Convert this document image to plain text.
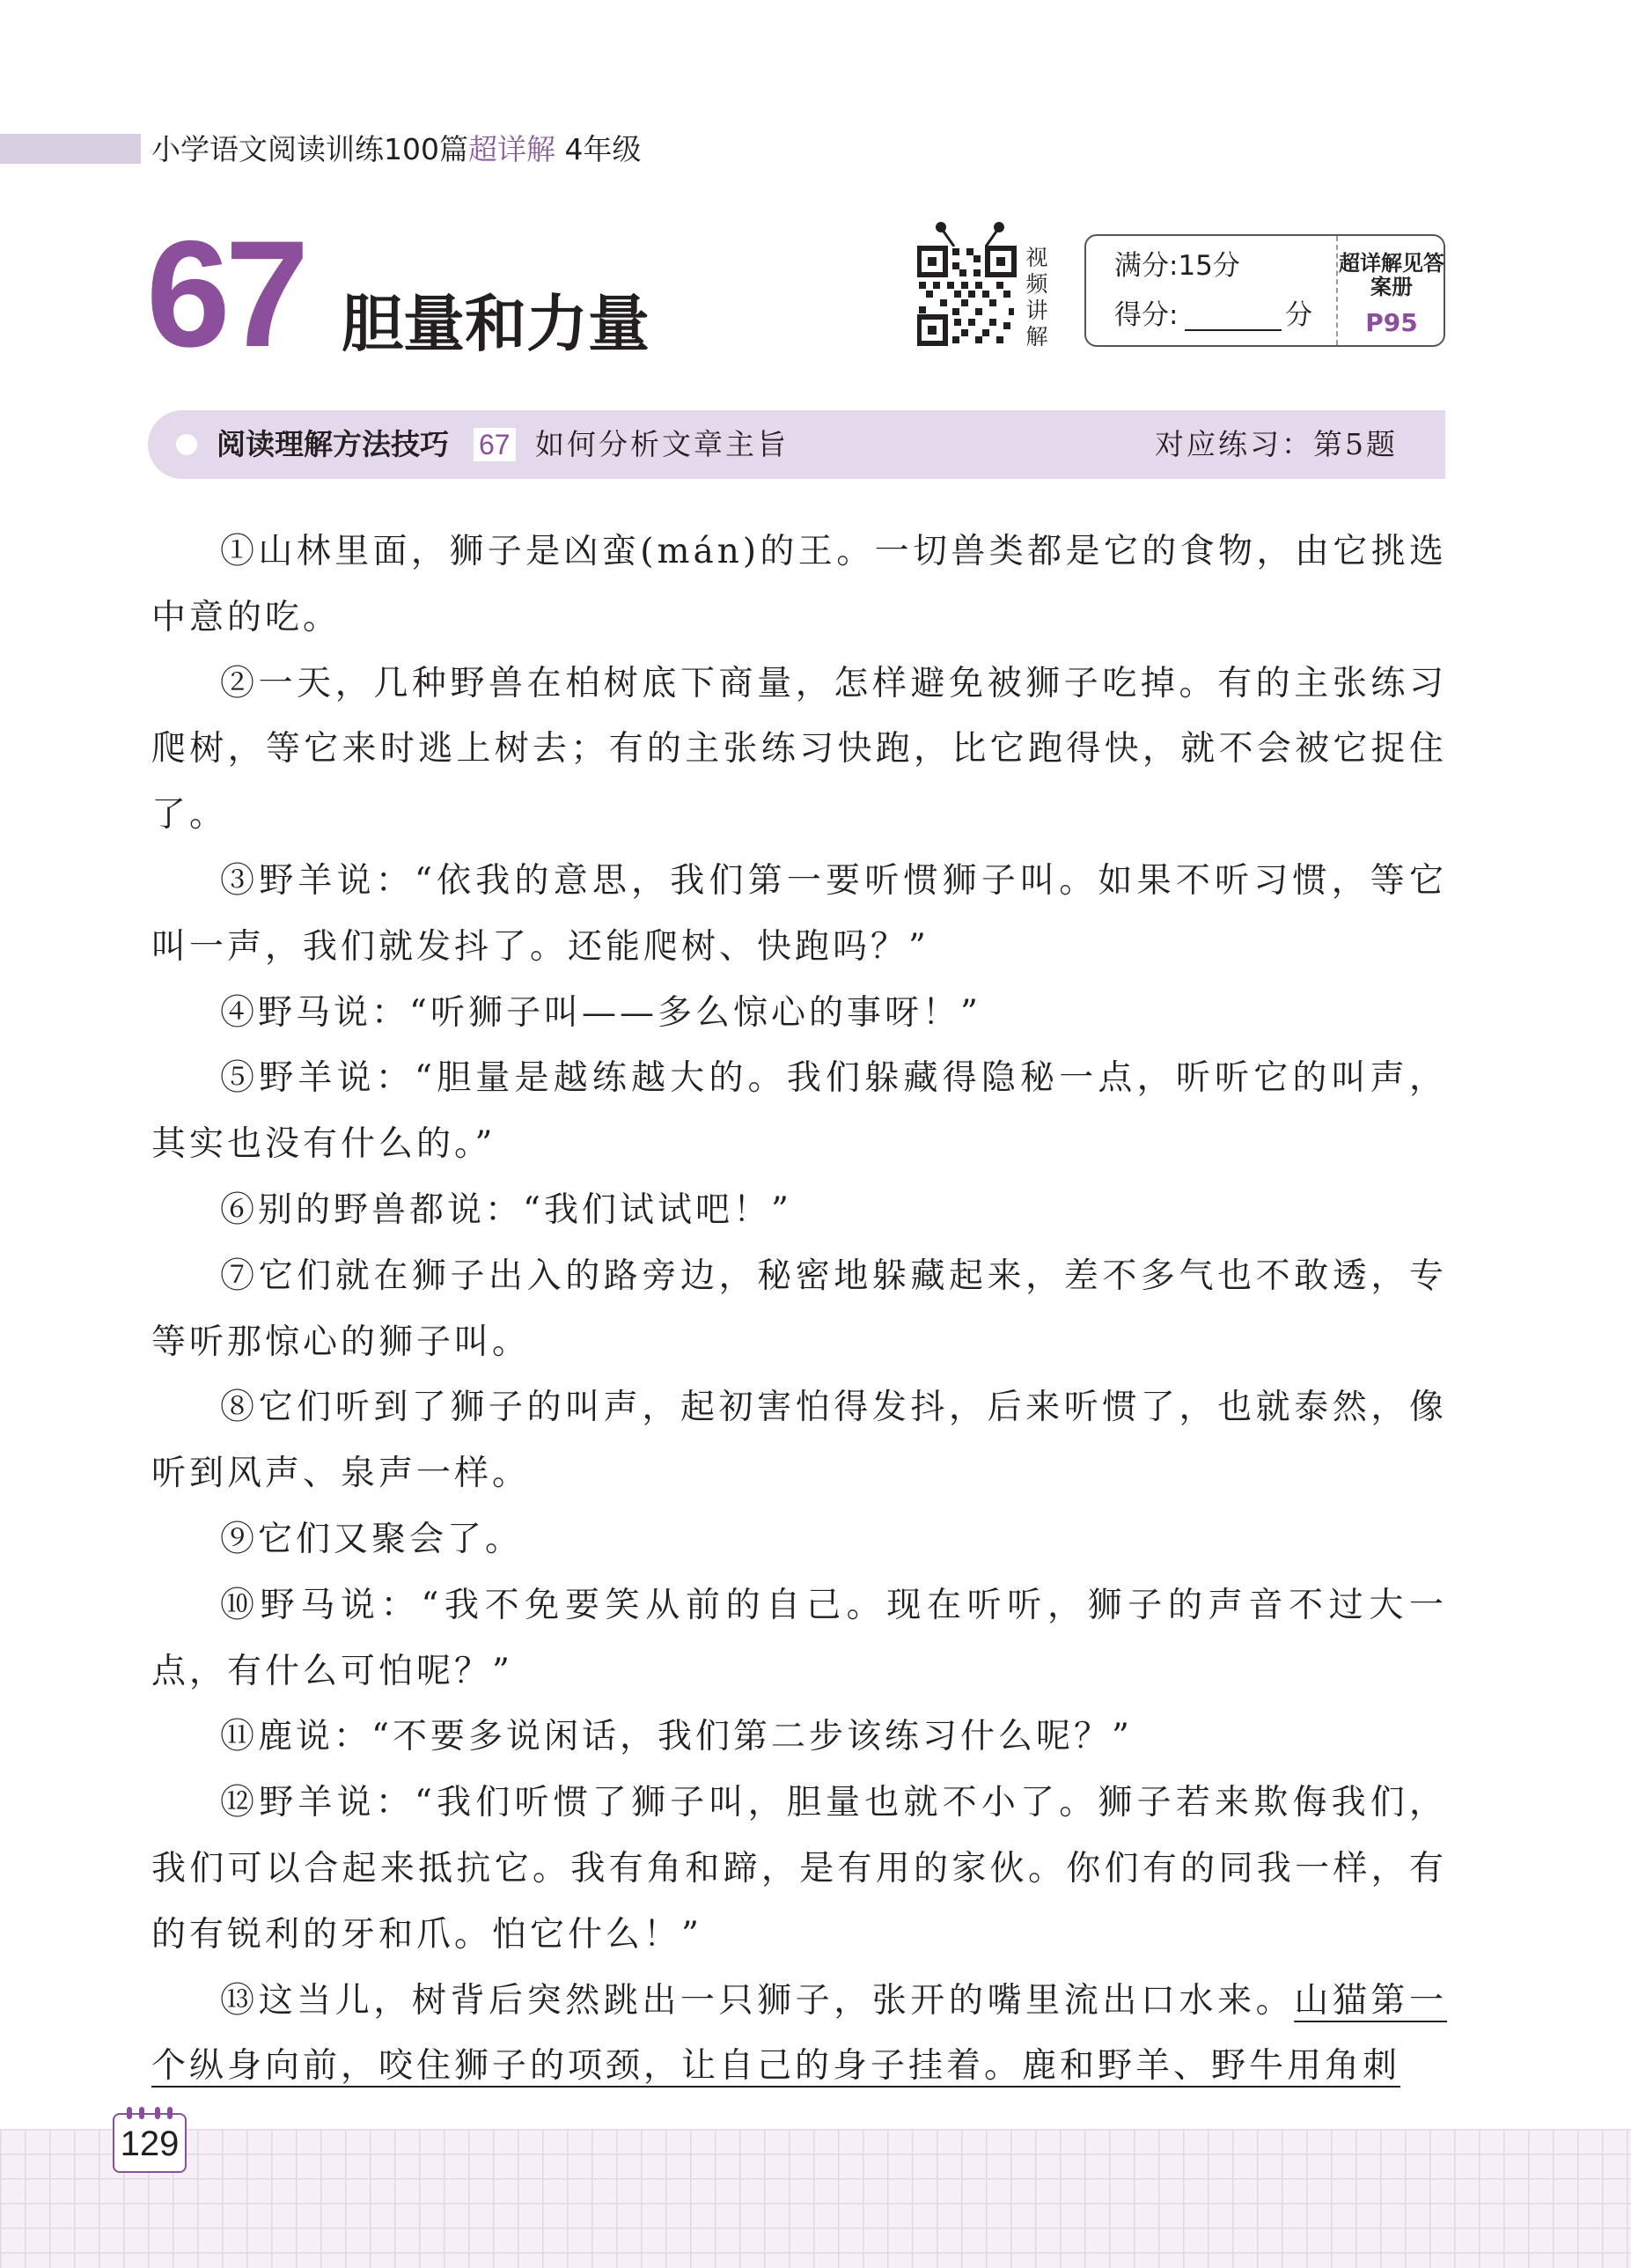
小学语文阅读训练100篇超详解 4年级
67 胆量和力量
视频讲解
满分:15分
得分:	分
超详解见答案册
P95
阅读理解方法技巧 67 如何分析文章主旨	对应练习：第5题

①山林里面，狮子是凶蛮(mán)的王。一切兽类都是它的食物，由它挑选中意的吃。

②一天，几种野兽在柏树底下商量，怎样避免被狮子吃掉。有的主张练习爬树，等它来时逃上树去；有的主张练习快跑，比它跑得快，就不会被它捉住了。

③野羊说：“依我的意思，我们第一要听惯狮子叫。如果不听习惯，等它叫一声，我们就发抖了。还能爬树、快跑吗？”

④野马说：“听狮子叫——多么惊心的事呀！”

⑤野羊说：“胆量是越练越大的。我们躲藏得隐秘一点，听听它的叫声，其实也没有什么的。”

⑥别的野兽都说：“我们试试吧！”

⑦它们就在狮子出入的路旁边，秘密地躲藏起来，差不多气也不敢透，专等听那惊心的狮子叫。

⑧它们听到了狮子的叫声，起初害怕得发抖，后来听惯了，也就泰然，像听到风声、泉声一样。

⑨它们又聚会了。

⑩野马说：“我不免要笑从前的自己。现在听听，狮子的声音不过大一点，有什么可怕呢？”

⑪鹿说：“不要多说闲话，我们第二步该练习什么呢？”

⑫野羊说：“我们听惯了狮子叫，胆量也就不小了。狮子若来欺侮我们，我们可以合起来抵抗它。我有角和蹄，是有用的家伙。你们有的同我一样，有的有锐利的牙和爪。怕它什么！”

⑬这当儿，树背后突然跳出一只狮子，张开的嘴里流出口水来。山猫第一个纵身向前，咬住狮子的项颈，让自己的身子挂着。鹿和野羊、野牛用角刺

129
